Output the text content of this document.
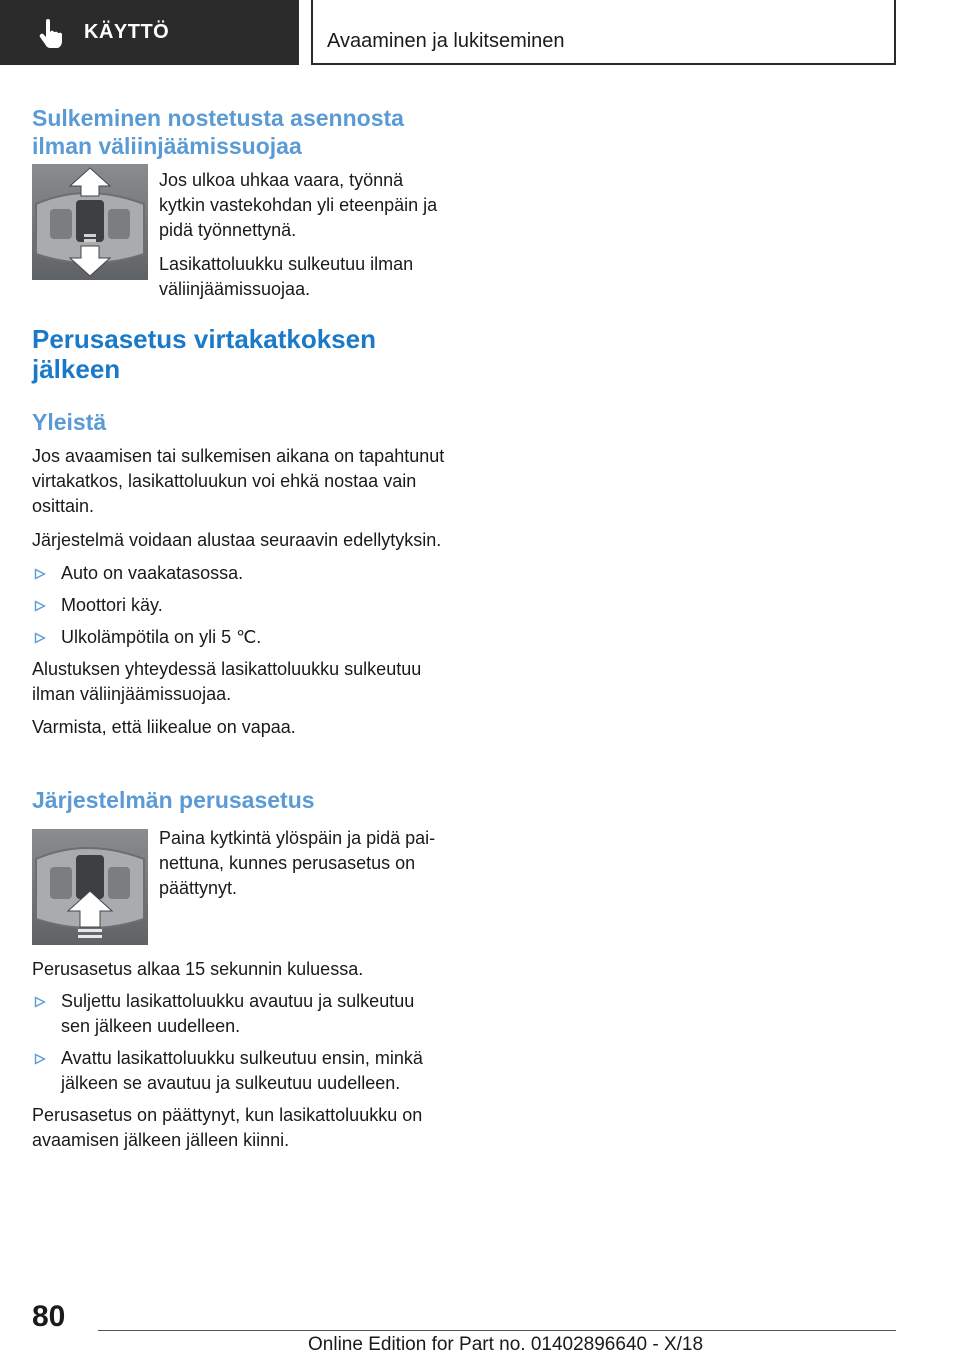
KÄYTTÖ	Avaaminen ja lukitseminen
Sulkeminen nostetusta asennosta
ilman väliinjäämissuojaa

Jos ulkoa uhkaa vaara, työnnä kytkin vastekohdan yli eteenpäin ja pidä työnnettynä.

Lasikattoluukku sulkeutuu ilman väliinjäämissuojaa.

Perusasetus virtakatkoksen
jälkeen
Yleistä

Jos avaamisen tai sulkemisen aikana on tapahtunut virtakatkos, lasikattoluukun voi ehkä nostaa vain osittain.

Järjestelmä voidaan alustaa seuraavin edellytyksin.

Auto on vaakatasossa.
Moottori käy.
Ulkolämpötila on yli 5 ℃.

Alustuksen yhteydessä lasikattoluukku sulkeutuu ilman väliinjäämissuojaa.

Varmista, että liikealue on vapaa.

Järjestelmän perusasetus

Paina kytkintä ylöspäin ja pidä painettuna, kunnes perusasetus on päättynyt.

Perusasetus alkaa 15 sekunnin kuluessa.

Suljettu lasikattoluukku avautuu ja sulkeutuu sen jälkeen uudelleen.
Avattu lasikattoluukku sulkeutuu ensin, minkä jälkeen se avautuu ja sulkeutuu uudelleen.

Perusasetus on päättynyt, kun lasikattoluukku on avaamisen jälkeen jälleen kiinni.

80
Online Edition for Part no. 01402896640 - X/18
